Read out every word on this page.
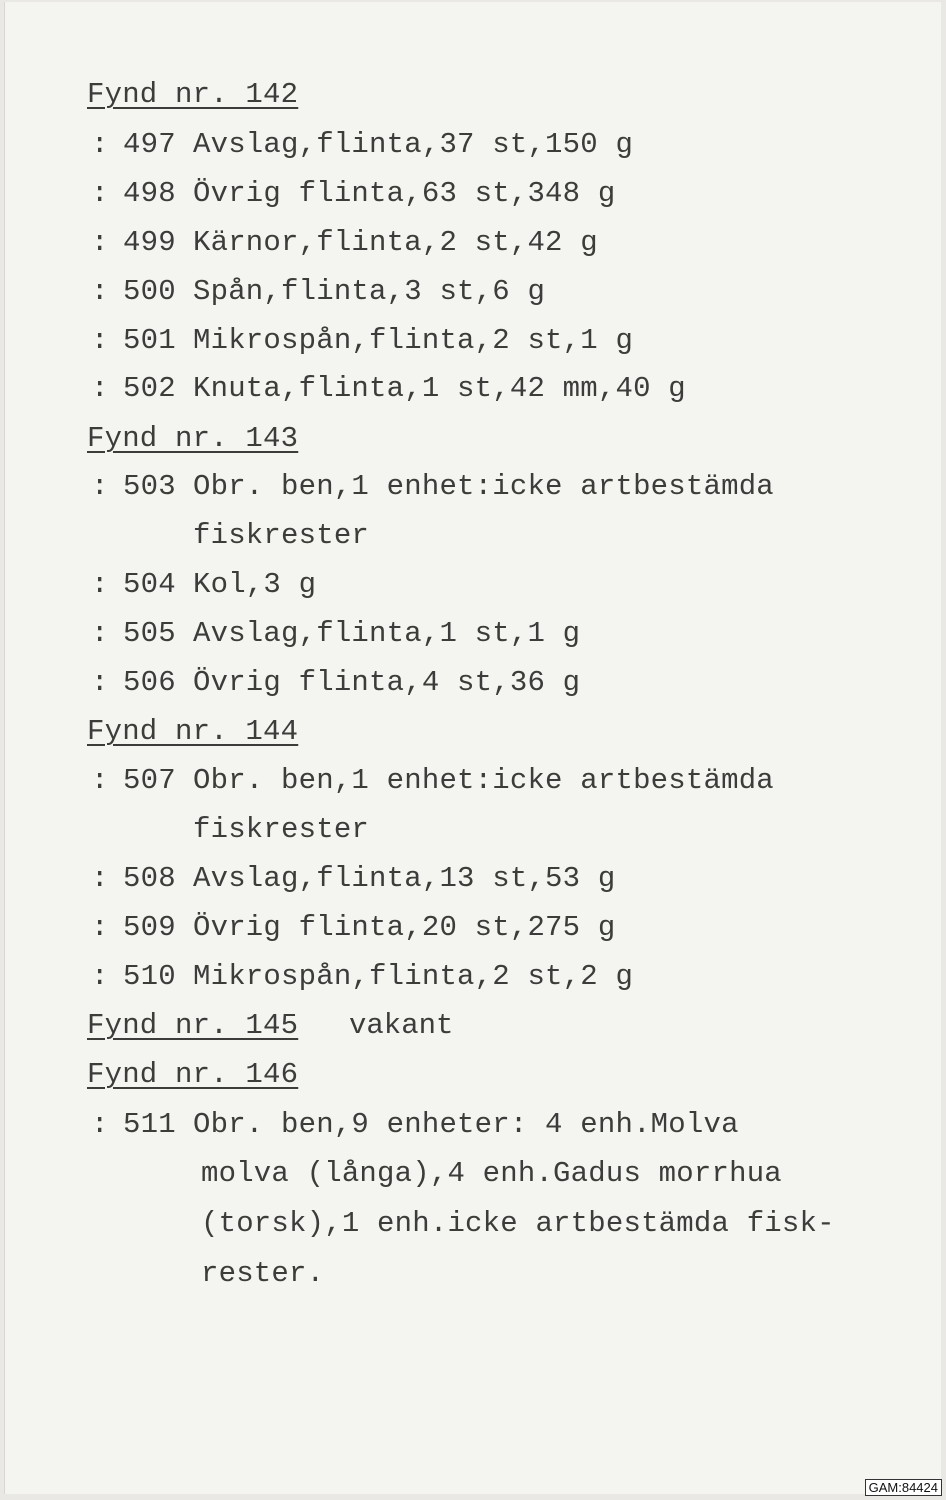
Fynd nr. 142
: 497 Avslag,flinta,37 st,150 g
: 498 Övrig flinta,63 st,348 g
: 499 Kärnor,flinta,2 st,42 g
: 500 Spån,flinta,3 st,6 g
: 501 Mikrospån,flinta,2 st,1 g
: 502 Knuta,flinta,1 st,42 mm,40 g
Fynd nr. 143
: 503 Obr. ben,1 enhet:icke artbestämda
fiskrester
: 504 Kol,3 g
: 505 Avslag,flinta,1 st,1 g
: 506 Övrig flinta,4 st,36 g
Fynd nr. 144
: 507 Obr. ben,1 enhet:icke artbestämda
fiskrester
: 508 Avslag,flinta,13 st,53 g
: 509 Övrig flinta,20 st,275 g
: 510 Mikrospån,flinta,2 st,2 g
Fynd nr. 145 vakant
Fynd nr. 146
: 511 Obr. ben,9 enheter: 4 enh.Molva
molva (långa),4 enh.Gadus morrhua
(torsk),1 enh.icke artbestämda fisk-
rester.
GAM:84424
